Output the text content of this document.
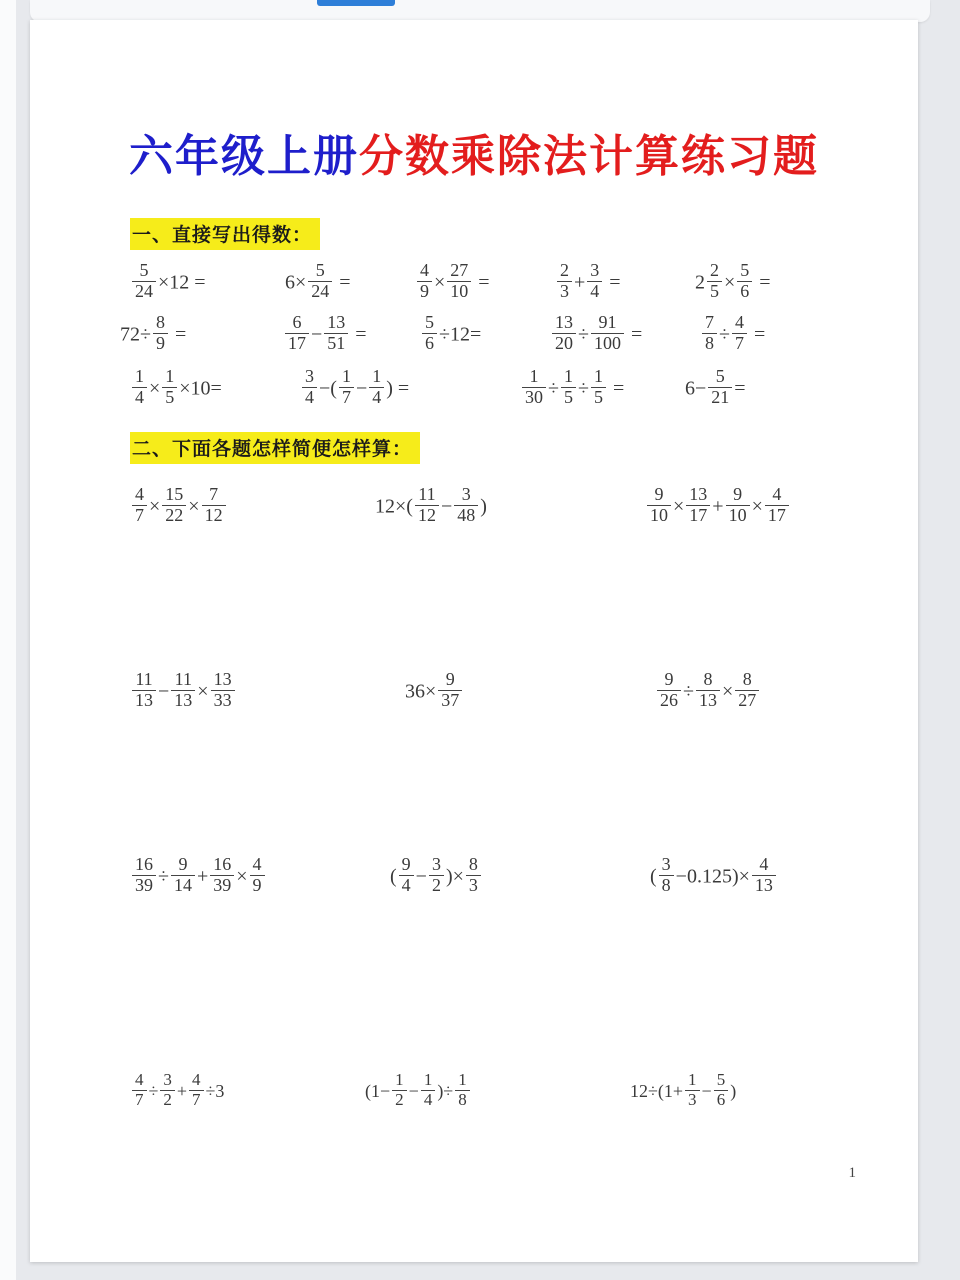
六年级上册分数乘除法计算练习题
一、直接写出得数：
$\frac{5}{24} \times 12$ =	$6\times \frac{5}{24}$ =	$\frac{4}{9} \times \frac{27}{10}$ =	$\frac{2}{3} + \frac{3}{4}$ =	$2 \frac{2}{5} \times \frac{5}{6}$ =
$72\div \frac{8}{9}$ =	$\frac{6}{17} - \frac{13}{51}$ =	$\frac{5}{6} \div 12=$	$\frac{13}{20} \div \frac{91}{100}$ =	$\frac{7}{8} \div \frac{4}{7}$ =
$\frac{1}{4} \times \frac{1}{5} \times 10=$	$\frac{3}{4}$ −( $\frac{1}{7} - \frac{1}{4}$ ) =	$\frac{1}{30} \div \frac{1}{5} \div \frac{1}{5}$ =	$6- \frac{5}{21}$ =
二、下面各题怎样简便怎样算：
$\frac{4}{7} \times \frac{15}{22} \times \frac{7}{12}$	$12\times( \frac{11}{12} - \frac{3}{48}$ )	$\frac{9}{10} \times \frac{13}{17} + \frac{9}{10} \times \frac{4}{17}$
$\frac{11}{13} - \frac{11}{13} \times \frac{13}{33}$	$36\times \frac{9}{37}$	$\frac{9}{26} \div \frac{8}{13} \times \frac{8}{27}$
$\frac{16}{39} \div \frac{9}{14} + \frac{16}{39} \times \frac{4}{9}$	( $\frac{9}{4} - \frac{3}{2}$ )× $\frac{8}{3}$	( $\frac{3}{8} -0.125)\times \frac{4}{13}$
$\frac{4}{7} \div \frac{3}{2} + \frac{4}{7} \div 3$	($1- \frac{1}{2} - \frac{1}{4}$ )÷ $\frac{1}{8}$	$12\div(1+ \frac{1}{3} - \frac{5}{6}$ )
1
